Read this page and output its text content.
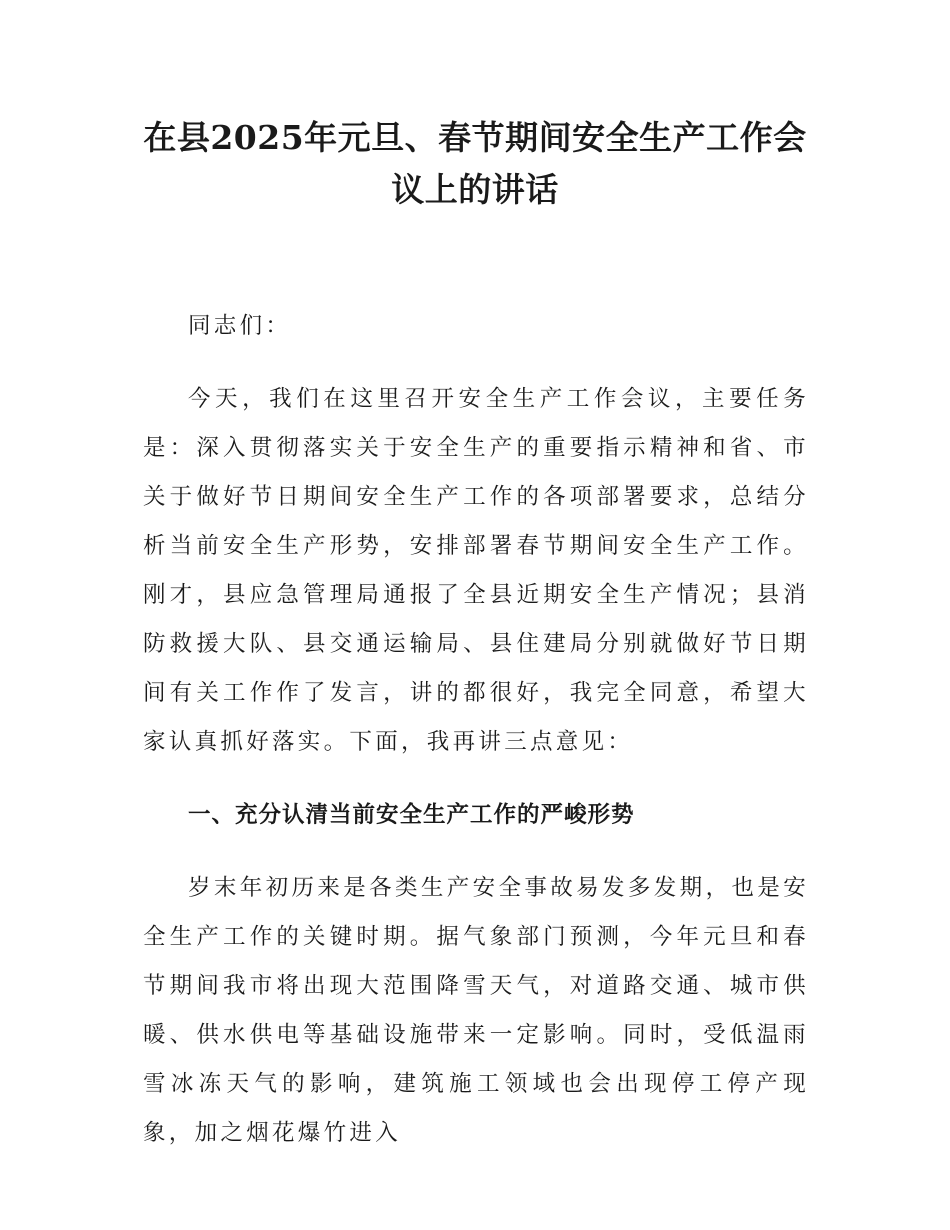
在县2025年元旦、春节期间安全生产工作会议上的讲话

同志们：

今天，我们在这里召开安全生产工作会议，主要任务是：深入贯彻落实关于安全生产的重要指示精神和省、市关于做好节日期间安全生产工作的各项部署要求，总结分析当前安全生产形势，安排部署春节期间安全生产工作。刚才，县应急管理局通报了全县近期安全生产情况；县消防救援大队、县交通运输局、县住建局分别就做好节日期间有关工作作了发言，讲的都很好，我完全同意，希望大家认真抓好落实。下面，我再讲三点意见：

一、充分认清当前安全生产工作的严峻形势

岁末年初历来是各类生产安全事故易发多发期，也是安全生产工作的关键时期。据气象部门预测，今年元旦和春节期间我市将出现大范围降雪天气，对道路交通、城市供暖、供水供电等基础设施带来一定影响。同时，受低温雨雪冰冻天气的影响，建筑施工领域也会出现停工停产现象，加之烟花爆竹进入
